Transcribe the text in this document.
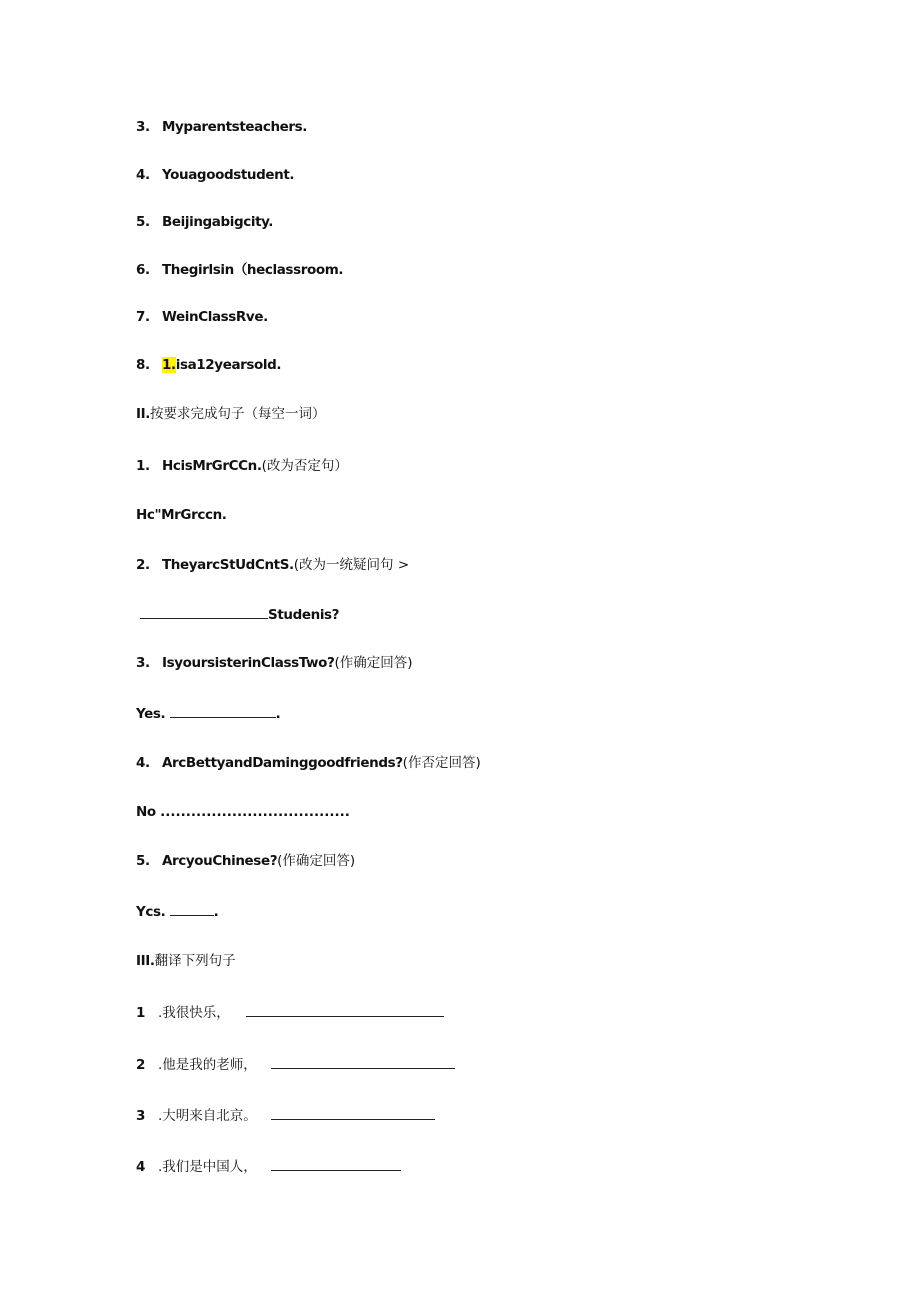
3. Myparentsteachers.
4. Youagoodstudent.
5. Beijingabigcity.
6. Thegirlsin（heclassroom.
7. WeinClassRve.
8. 1.isa12yearsold.
II.按要求完成句子（每空一词）
1. HcisMrGrCCn.(改为否定句）
Hc"MrGrccn.
2. TheyarcStUdCntS.(改为一统疑问句 >
Studenis?
3. IsyoursisterinClassTwo?(作确定回答)
Yes.	.
4. ArcBettyandDaminggoodfriends?(作否定回答)
No .....................................
5. ArcyouChinese?(作确定回答)
Ycs.	.
III.翻译下列句子
1 .我很快乐，
2 .他是我的老师，
3 .大明来自北京。
4 .我们是中国人，
